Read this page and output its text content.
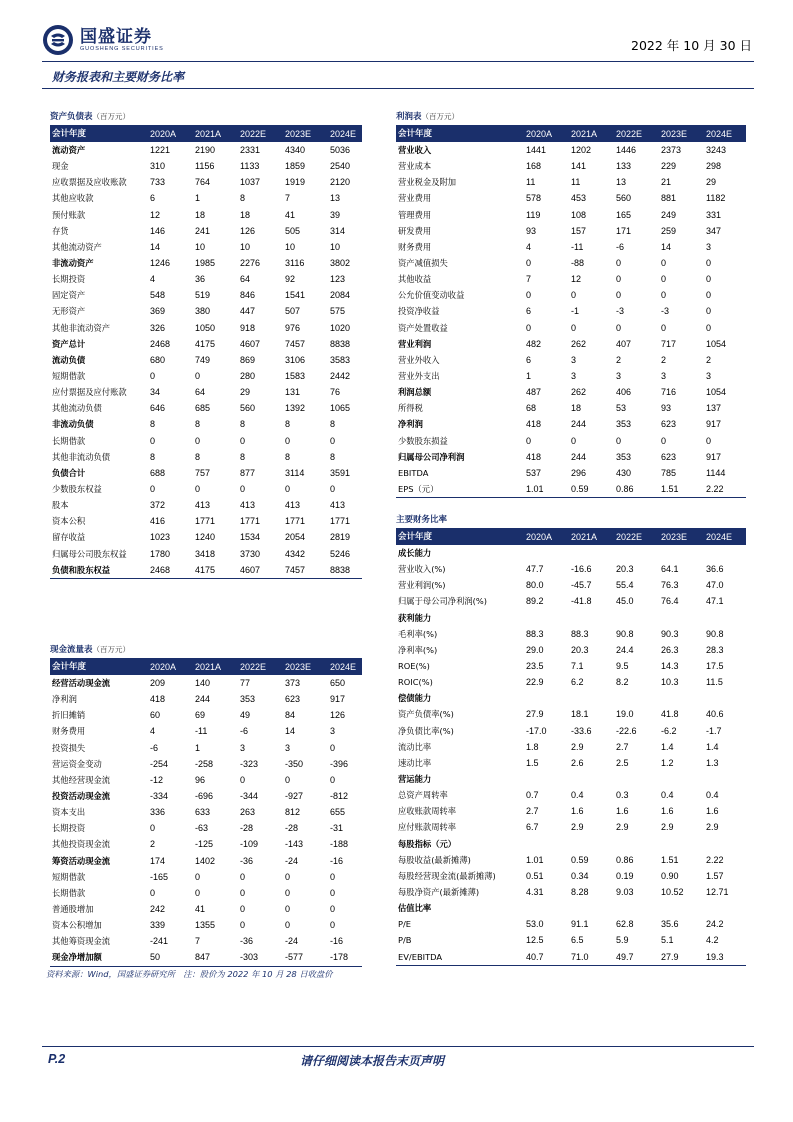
国盛证券
GUOSHENG SECURITIES	2022 年 10 月 30 日
财务报表和主要财务比率
资产负债表（百万元）
会计年度	2020A	2021A	2022E	2023E	2024E
流动资产	1221	2190	2331	4340	5036
现金	310	1156	1133	1859	2540
应收票据及应收账款	733	764	1037	1919	2120
其他应收款	6	1	8	7	13
预付账款	12	18	18	41	39
存货	146	241	126	505	314
其他流动资产	14	10	10	10	10
非流动资产	1246	1985	2276	3116	3802
长期投资	4	36	64	92	123
固定资产	548	519	846	1541	2084
无形资产	369	380	447	507	575
其他非流动资产	326	1050	918	976	1020
资产总计	2468	4175	4607	7457	8838
流动负债	680	749	869	3106	3583
短期借款	0	0	280	1583	2442
应付票据及应付账款	34	64	29	131	76
其他流动负债	646	685	560	1392	1065
非流动负债	8	8	8	8	8
长期借款	0	0	0	0	0
其他非流动负债	8	8	8	8	8
负债合计	688	757	877	3114	3591
少数股东权益	0	0	0	0	0
股本	372	413	413	413	413
资本公积	416	1771	1771	1771	1771
留存收益	1023	1240	1534	2054	2819
归属母公司股东权益	1780	3418	3730	4342	5246
负债和股东权益	2468	4175	4607	7457	8838
利润表（百万元）
会计年度	2020A	2021A	2022E	2023E	2024E
营业收入	1441	1202	1446	2373	3243
营业成本	168	141	133	229	298
营业税金及附加	11	11	13	21	29
营业费用	578	453	560	881	1182
管理费用	119	108	165	249	331
研发费用	93	157	171	259	347
财务费用	4	-11	-6	14	3
资产减值损失	0	-88	0	0	0
其他收益	7	12	0	0	0
公允价值变动收益	0	0	0	0	0
投资净收益	6	-1	-3	-3	0
资产处置收益	0	0	0	0	0
营业利润	482	262	407	717	1054
营业外收入	6	3	2	2	2
营业外支出	1	3	3	3	3
利润总额	487	262	406	716	1054
所得税	68	18	53	93	137
净利润	418	244	353	623	917
少数股东损益	0	0	0	0	0
归属母公司净利润	418	244	353	623	917
EBITDA	537	296	430	785	1144
EPS（元）	1.01	0.59	0.86	1.51	2.22
主要财务比率
会计年度	2020A	2021A	2022E	2023E	2024E
成长能力
营业收入(%)	47.7	-16.6	20.3	64.1	36.6
营业利润(%)	80.0	-45.7	55.4	76.3	47.0
归属于母公司净利润(%)	89.2	-41.8	45.0	76.4	47.1
获利能力
毛利率(%)	88.3	88.3	90.8	90.3	90.8
净利率(%)	29.0	20.3	24.4	26.3	28.3
ROE(%)	23.5	7.1	9.5	14.3	17.5
ROIC(%)	22.9	6.2	8.2	10.3	11.5
偿债能力
资产负债率(%)	27.9	18.1	19.0	41.8	40.6
净负债比率(%)	-17.0	-33.6	-22.6	-6.2	-1.7
流动比率	1.8	2.9	2.7	1.4	1.4
速动比率	1.5	2.6	2.5	1.2	1.3
营运能力
总资产周转率	0.7	0.4	0.3	0.4	0.4
应收账款周转率	2.7	1.6	1.6	1.6	1.6
应付账款周转率	6.7	2.9	2.9	2.9	2.9
每股指标（元）
每股收益(最新摊薄)	1.01	0.59	0.86	1.51	2.22
每股经营现金流(最新摊薄)	0.51	0.34	0.19	0.90	1.57
每股净资产(最新摊薄)	4.31	8.28	9.03	10.52	12.71
估值比率
P/E	53.0	91.1	62.8	35.6	24.2
P/B	12.5	6.5	5.9	5.1	4.2
EV/EBITDA	40.7	71.0	49.7	27.9	19.3
现金流量表（百万元）
会计年度	2020A	2021A	2022E	2023E	2024E
经营活动现金流	209	140	77	373	650
净利润	418	244	353	623	917
折旧摊销	60	69	49	84	126
财务费用	4	-11	-6	14	3
投资损失	-6	1	3	3	0
营运资金变动	-254	-258	-323	-350	-396
其他经营现金流	-12	96	0	0	0
投资活动现金流	-334	-696	-344	-927	-812
资本支出	336	633	263	812	655
长期投资	0	-63	-28	-28	-31
其他投资现金流	2	-125	-109	-143	-188
筹资活动现金流	174	1402	-36	-24	-16
短期借款	-165	0	0	0	0
长期借款	0	0	0	0	0
普通股增加	242	41	0	0	0
资本公积增加	339	1355	0	0	0
其他筹资现金流	-241	7	-36	-24	-16
现金净增加额	50	847	-303	-577	-178
资料来源：Wind，国盛证券研究所　注：股价为 2022 年 10 月 28 日收盘价
P.2	请仔细阅读本报告末页声明
